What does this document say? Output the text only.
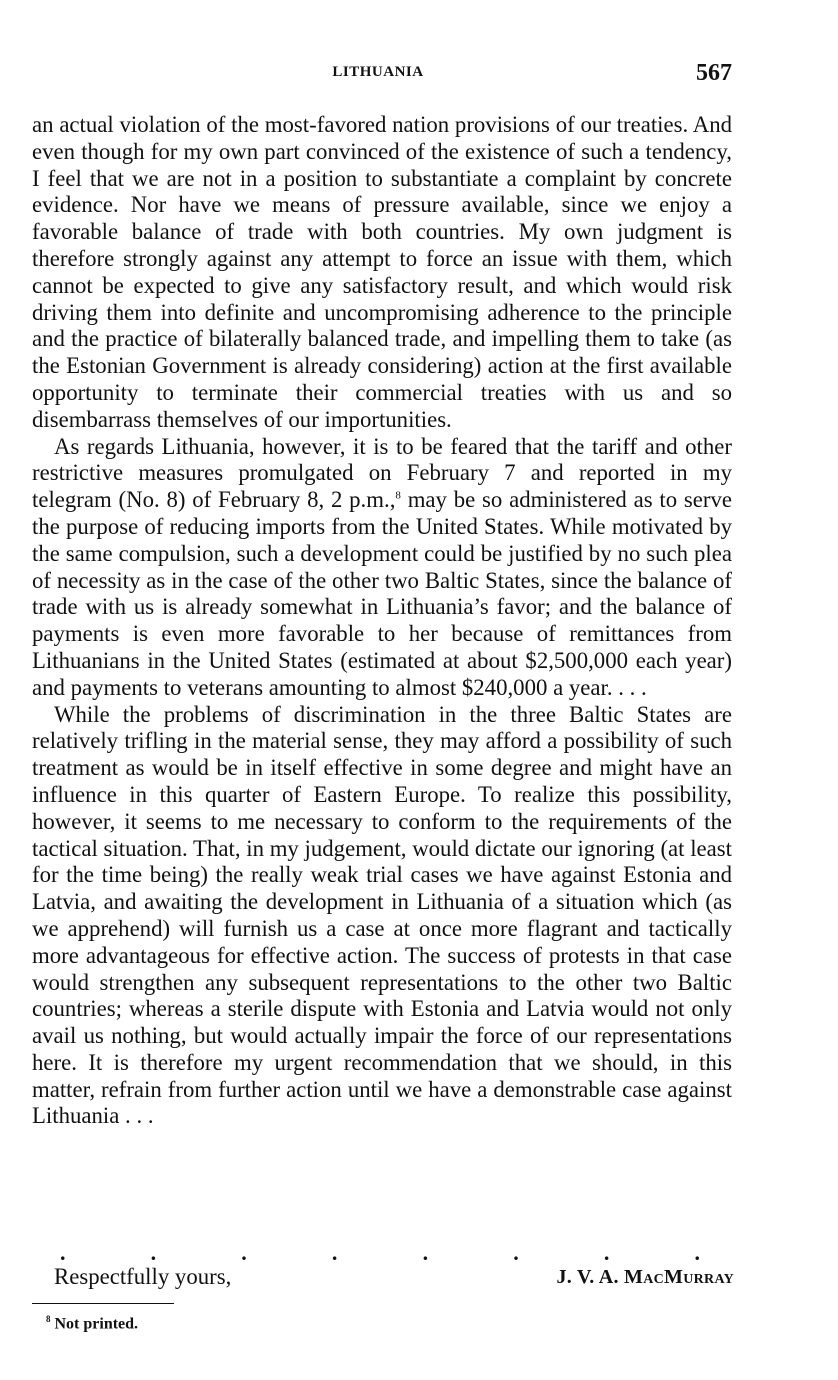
LITHUANIA	567

an actual violation of the most-favored nation provisions of our treaties. And even though for my own part convinced of the existence of such a tendency, I feel that we are not in a position to substantiate a complaint by concrete evidence. Nor have we means of pressure available, since we enjoy a favorable balance of trade with both countries. My own judgment is therefore strongly against any attempt to force an issue with them, which cannot be expected to give any satisfactory result, and which would risk driving them into definite and uncompromising adherence to the principle and the practice of bilaterally balanced trade, and impelling them to take (as the Estonian Government is already considering) action at the first available opportunity to terminate their commercial treaties with us and so disembarrass themselves of our importunities.

As regards Lithuania, however, it is to be feared that the tariff and other restrictive measures promulgated on February 7 and reported in my telegram (No. 8) of February 8, 2 p.m.,$^8$ may be so administered as to serve the purpose of reducing imports from the United States. While motivated by the same compulsion, such a development could be justified by no such plea of necessity as in the case of the other two Baltic States, since the balance of trade with us is already somewhat in Lithuania’s favor; and the balance of payments is even more favorable to her because of remittances from Lithuanians in the United States (estimated at about $2,500,000 each year) and payments to veterans amounting to almost $240,000 a year. . . .

While the problems of discrimination in the three Baltic States are relatively trifling in the material sense, they may afford a possibility of such treatment as would be in itself effective in some degree and might have an influence in this quarter of Eastern Europe. To realize this possibility, however, it seems to me necessary to conform to the requirements of the tactical situation. That, in my judgement, would dictate our ignoring (at least for the time being) the really weak trial cases we have against Estonia and Latvia, and awaiting the development in Lithuania of a situation which (as we apprehend) will furnish us a case at once more flagrant and tactically more advantageous for effective action. The success of protests in that case would strengthen any subsequent representations to the other two Baltic countries; whereas a sterile dispute with Estonia and Latvia would not only avail us nothing, but would actually impair the force of our representations here. It is therefore my urgent recommendation that we should, in this matter, refrain from further action until we have a demonstrable case against Lithuania . . .

.	.	.	.	.	.	.	.
Respectfully yours,	J. V. A. MacMurray
$^8$ Not printed.
